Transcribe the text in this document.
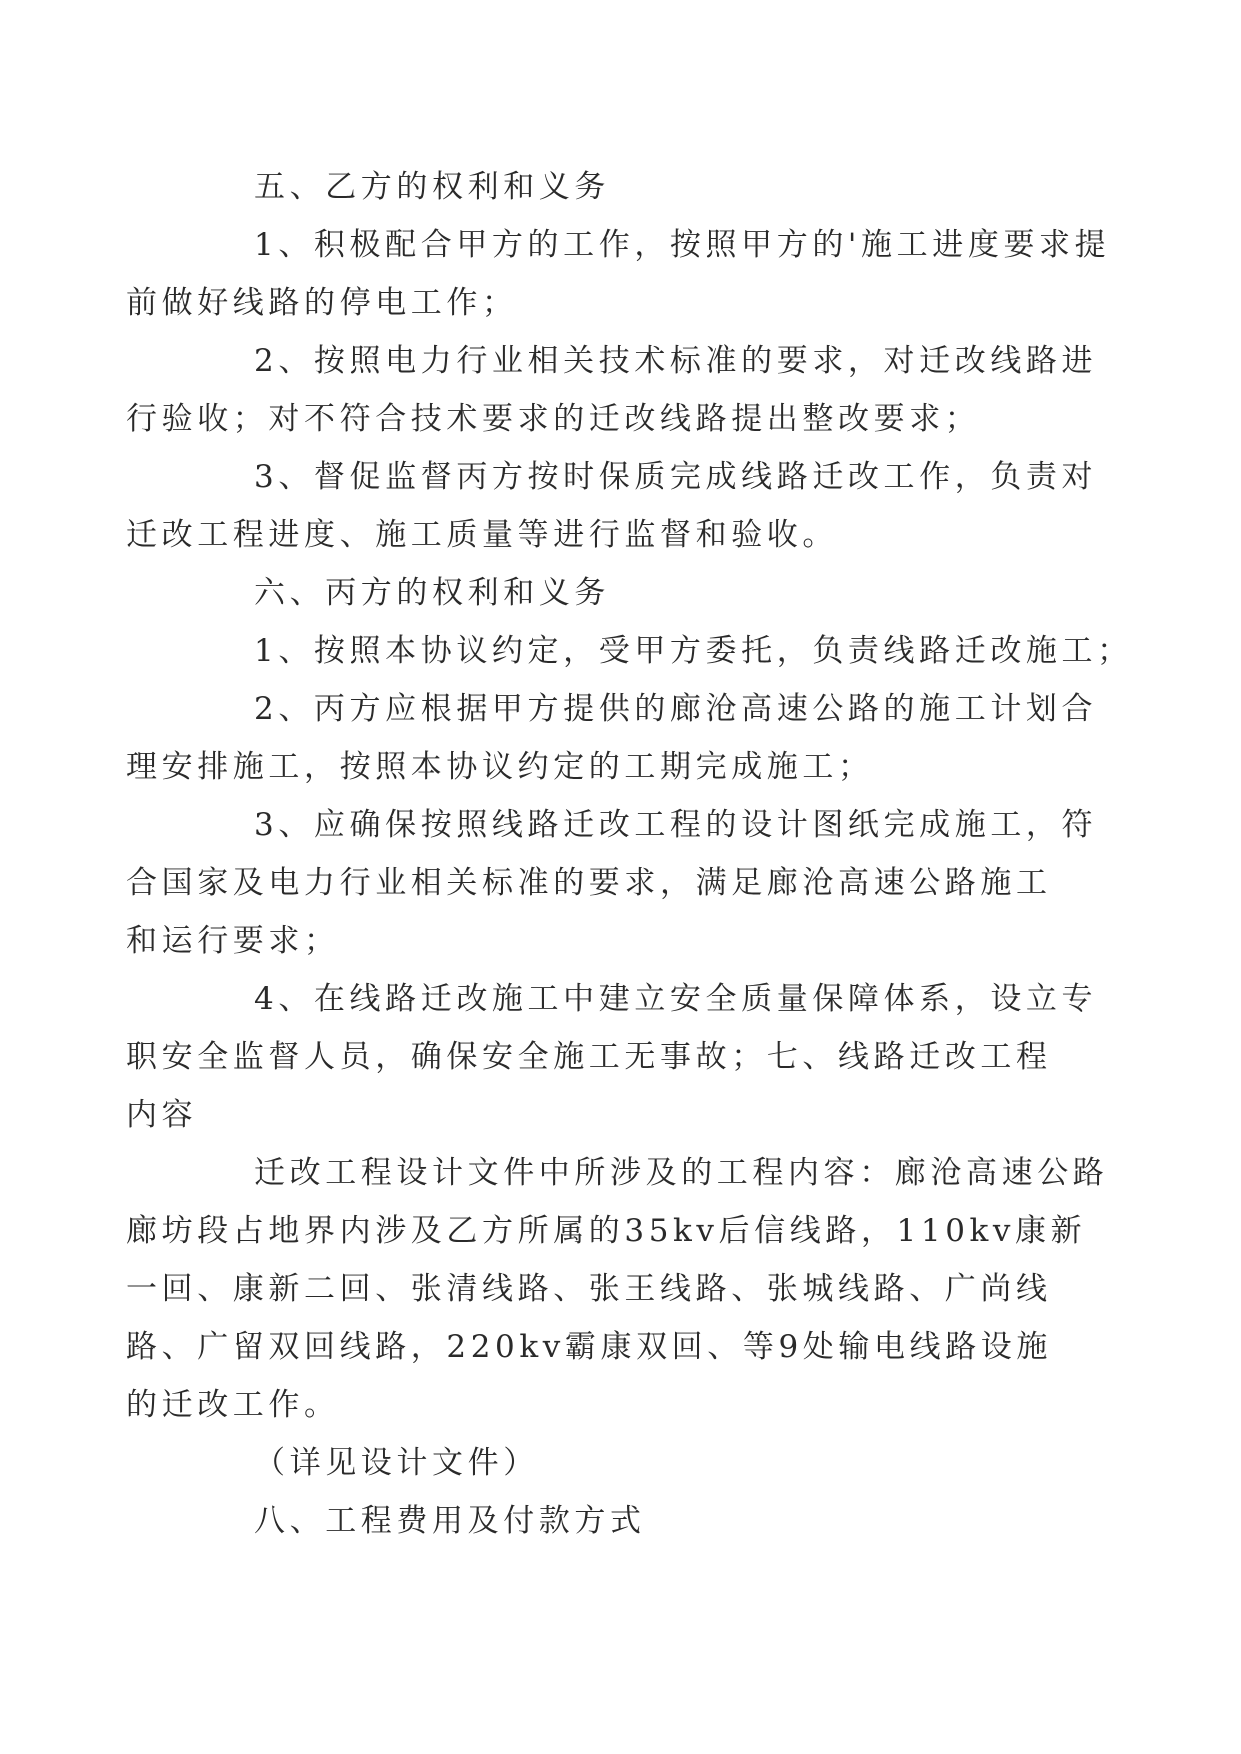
五、乙方的权利和义务
1、积极配合甲方的工作，按照甲方的'施工进度要求提
前做好线路的停电工作；
2、按照电力行业相关技术标准的要求，对迁改线路进
行验收；对不符合技术要求的迁改线路提出整改要求；
3、督促监督丙方按时保质完成线路迁改工作，负责对
迁改工程进度、施工质量等进行监督和验收。
六、丙方的权利和义务
1、按照本协议约定，受甲方委托，负责线路迁改施工；
2、丙方应根据甲方提供的廊沧高速公路的施工计划合
理安排施工，按照本协议约定的工期完成施工；
3、应确保按照线路迁改工程的设计图纸完成施工，符
合国家及电力行业相关标准的要求，满足廊沧高速公路施工
和运行要求；
4、在线路迁改施工中建立安全质量保障体系，设立专
职安全监督人员，确保安全施工无事故；七、线路迁改工程
内容
迁改工程设计文件中所涉及的工程内容：廊沧高速公路
廊坊段占地界内涉及乙方所属的35kv后信线路，110kv康新
一回、康新二回、张清线路、张王线路、张城线路、广尚线
路、广留双回线路，220kv霸康双回、等9处输电线路设施
的迁改工作。
（详见设计文件）
八、工程费用及付款方式
